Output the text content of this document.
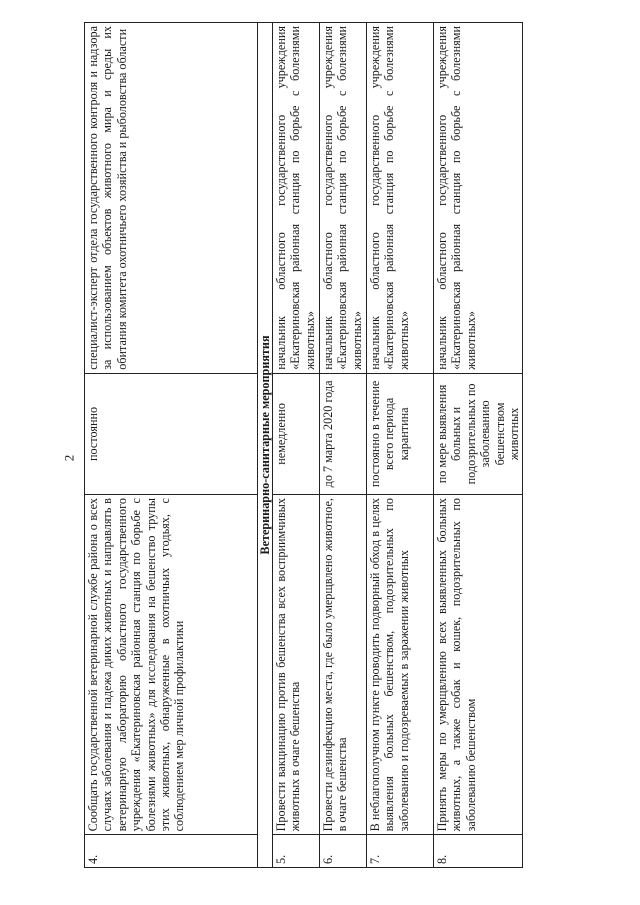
2
4.	Сообщать государственной ветеринарной службе района о всех случаях заболевания и падежа диких животных и направлять в ветеринарную лабораторию областного государственного учреждения «Екатериновская районная станция по борьбе с болезнями животных» для исследования на бешенство трупы этих животных, обнаруженные в охотничьих угодьях, с соблюдением мер личной профилактики	постоянно	специалист-эксперт отдела государственного контроля и надзора за использованием объектов животного мира и среды их обитания комитета охотничьего хозяйства и рыболовства области
Ветеринарно-санитарные мероприятия			
5.	Провести вакцинацию против бешенства всех восприимчивых животных в очаге бешенства	немедленно	начальник областного государственного учреждения «Екатериновская районная станция по борьбе с болезнями животных»
6.	Провести дезинфекцию места, где было умерщвлено животное, в очаге бешенства	до 7 марта 2020 года	начальник областного государственного учреждения «Екатериновская районная станция по борьбе с болезнями животных»
7.	В неблагополучном пункте проводить подворный обход в целях выявления больных бешенством, подозрительных по заболеванию и подозреваемых в заражении животных	постоянно в течение всего периода карантина	начальник областного государственного учреждения «Екатериновская районная станция по борьбе с болезнями животных»
8.	Принять меры по умерщвлению всех выявленных больных животных, а также собак и кошек, подозрительных по заболеванию бешенством	по мере выявления больных и подозрительных по заболеванию бешенством животных	начальник областного государственного учреждения «Екатериновская районная станция по борьбе с болезнями животных»
